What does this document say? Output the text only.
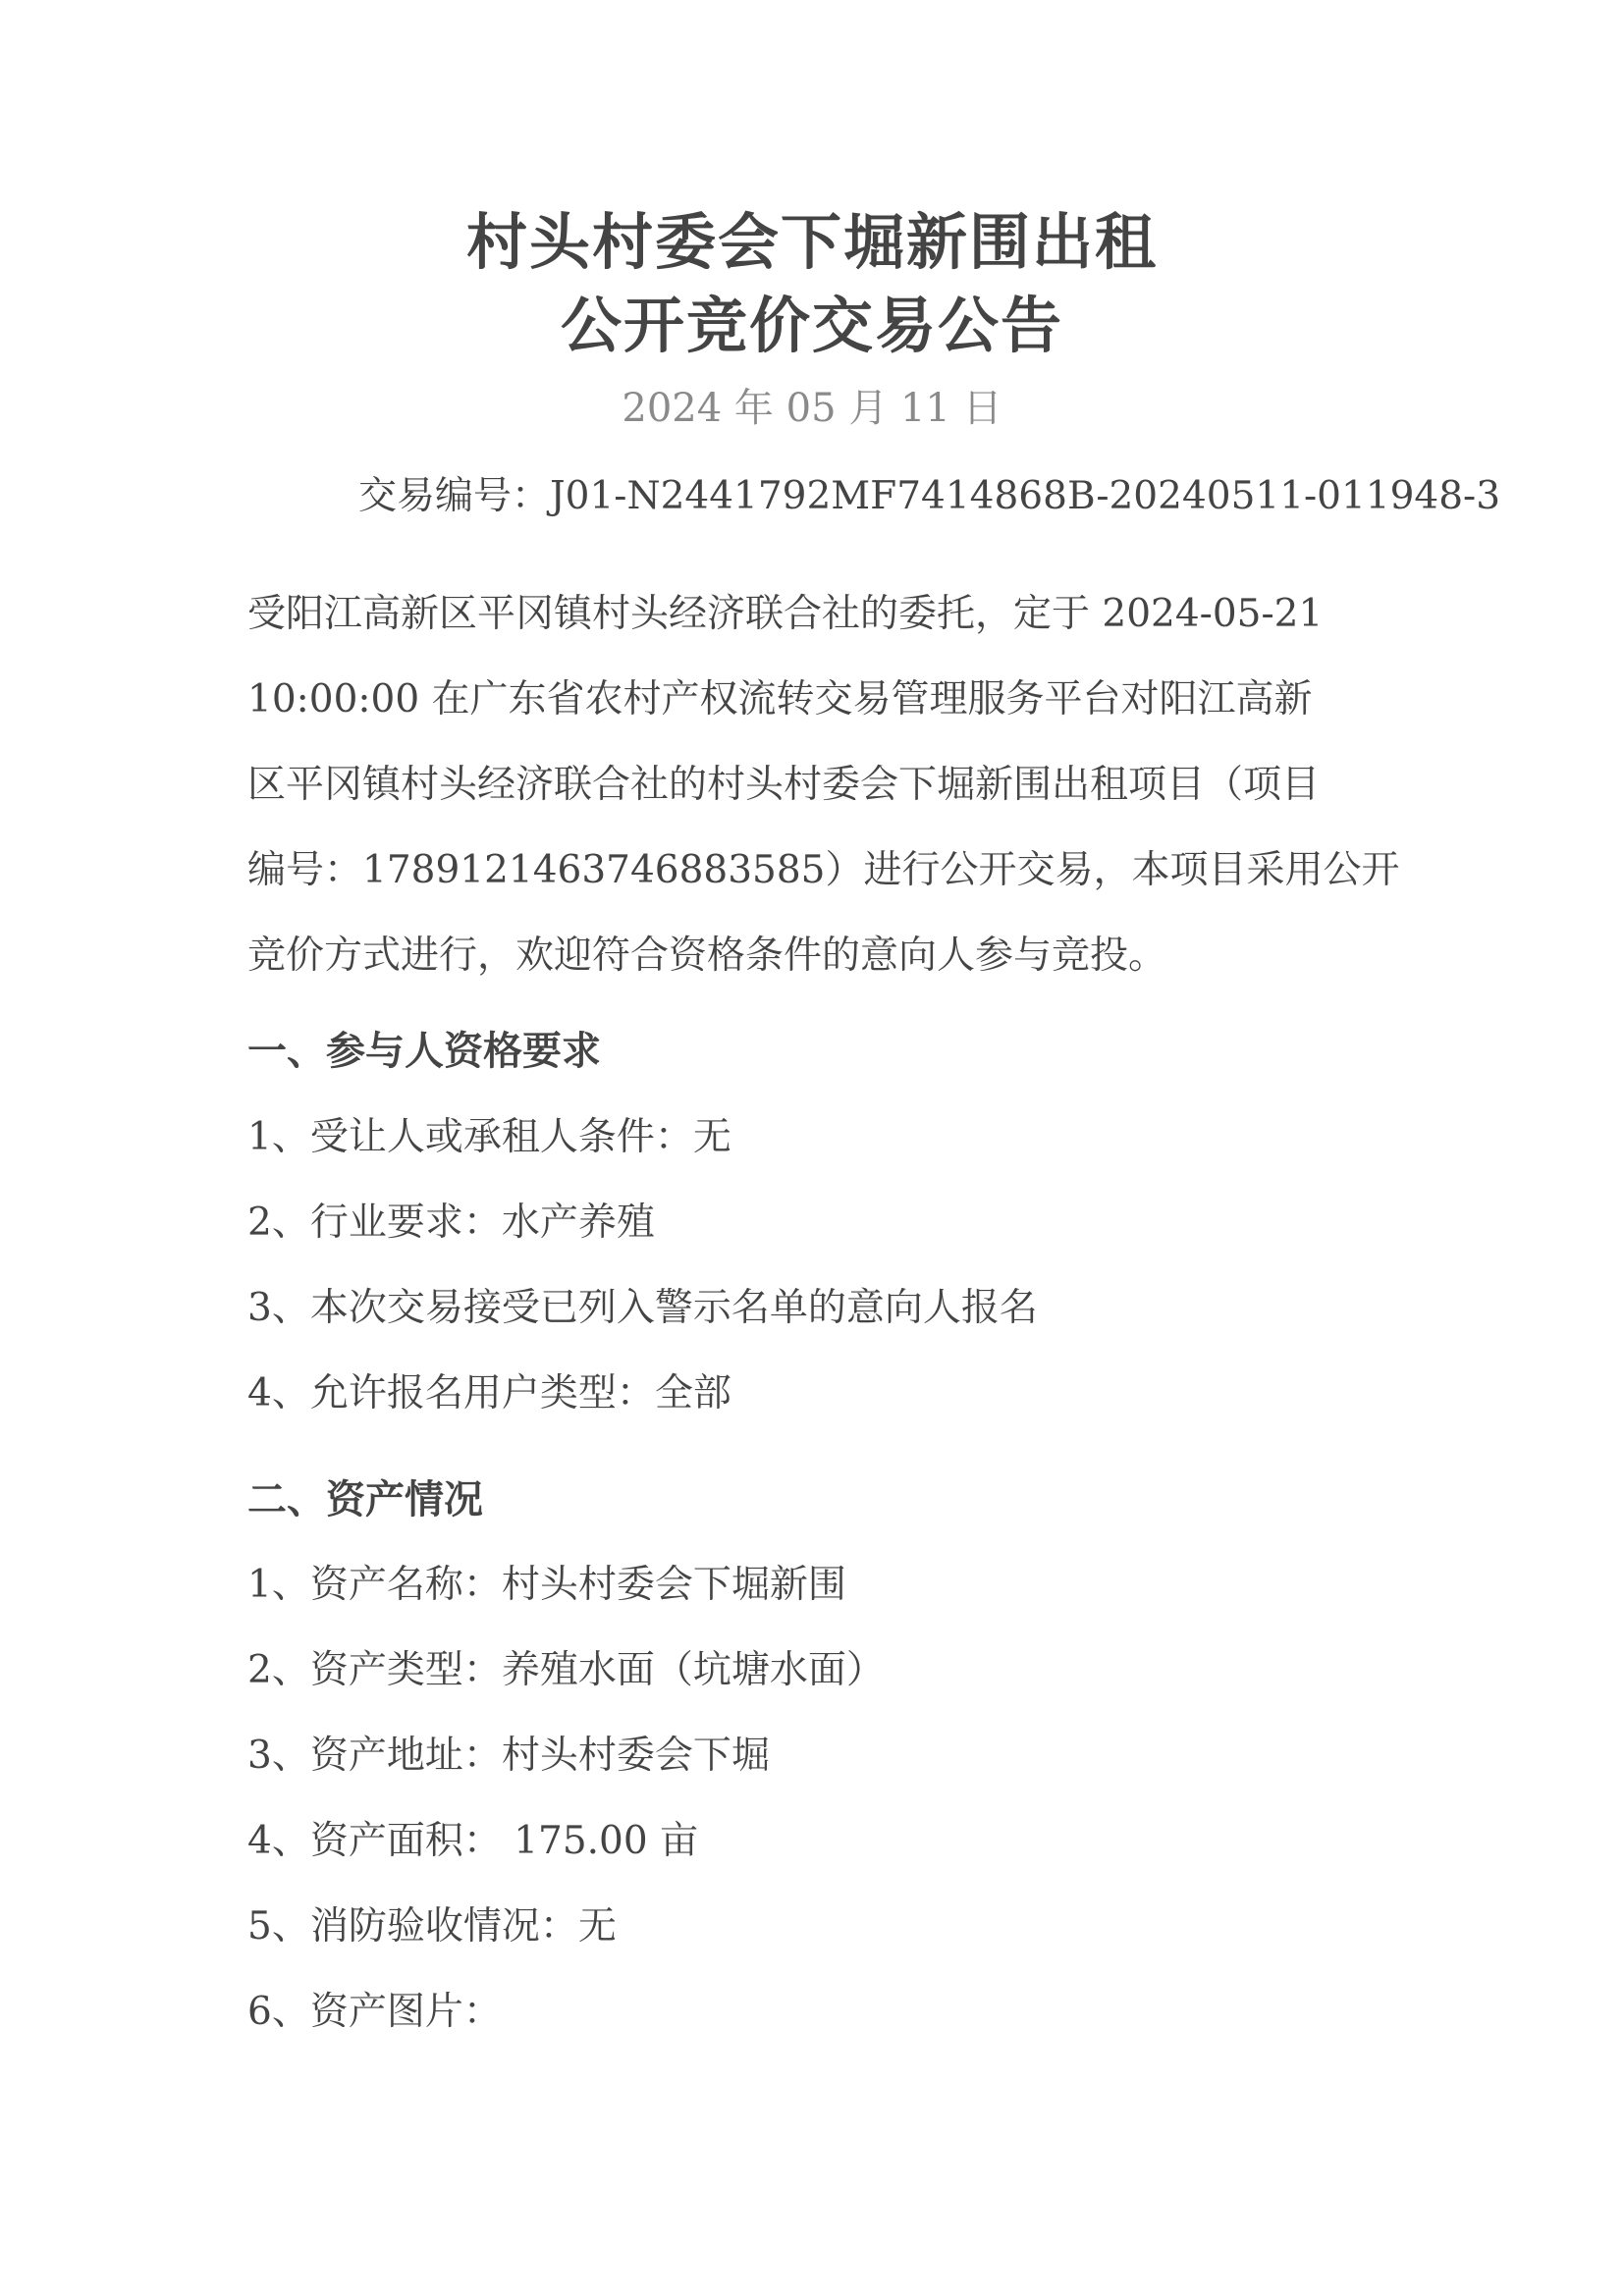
村头村委会下堀新围出租
公开竞价交易公告
2024 年 05 月 11 日
交易编号：J01-N2441792MF7414868B-20240511-011948-3
受阳江高新区平冈镇村头经济联合社的委托，定于 2024-05-21
10:00:00 在广东省农村产权流转交易管理服务平台对阳江高新
区平冈镇村头经济联合社的村头村委会下堀新围出租项目（项目
编号：1789121463746883585）进行公开交易，本项目采用公开
竞价方式进行，欢迎符合资格条件的意向人参与竞投。
一、参与人资格要求
1、受让人或承租人条件：无
2、行业要求：水产养殖
3、本次交易接受已列入警示名单的意向人报名
4、允许报名用户类型：全部
二、资产情况
1、资产名称：村头村委会下堀新围
2、资产类型：养殖水面（坑塘水面）
3、资产地址：村头村委会下堀
4、资产面积： 175.00 亩
5、消防验收情况：无
6、资产图片：
